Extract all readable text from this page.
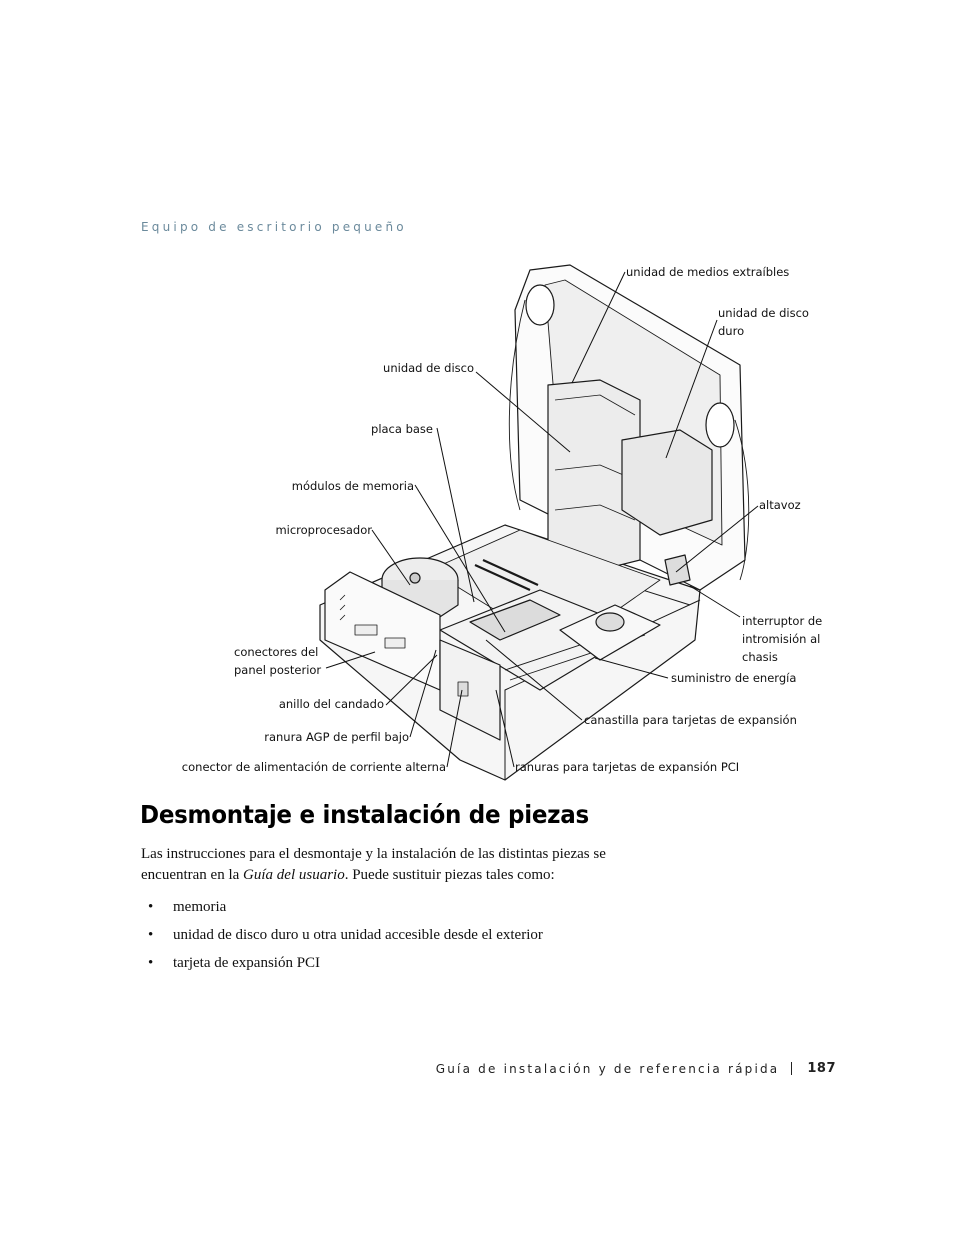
Equipo de escritorio pequeño
unidad de medios extraíbles
unidad de disco duro
unidad de disco
placa base
módulos de memoria
microprocesador
altavoz
conectores del panel posterior
interruptor de intromisión al chasis
suministro de energía
anillo del candado
canastilla para tarjetas de expansión
ranura AGP de perfil bajo
conector de alimentación de corriente alterna	ranuras para tarjetas de expansión PCI
Desmontaje e instalación de piezas

Las instrucciones para el desmontaje y la instalación de las distintas piezas se encuentran en la Guía del usuario. Puede sustituir piezas tales como:

• memoria
• unidad de disco duro u otra unidad accesible desde el exterior
• tarjeta de expansión PCI
Guía de instalación y de referencia rápida 187
